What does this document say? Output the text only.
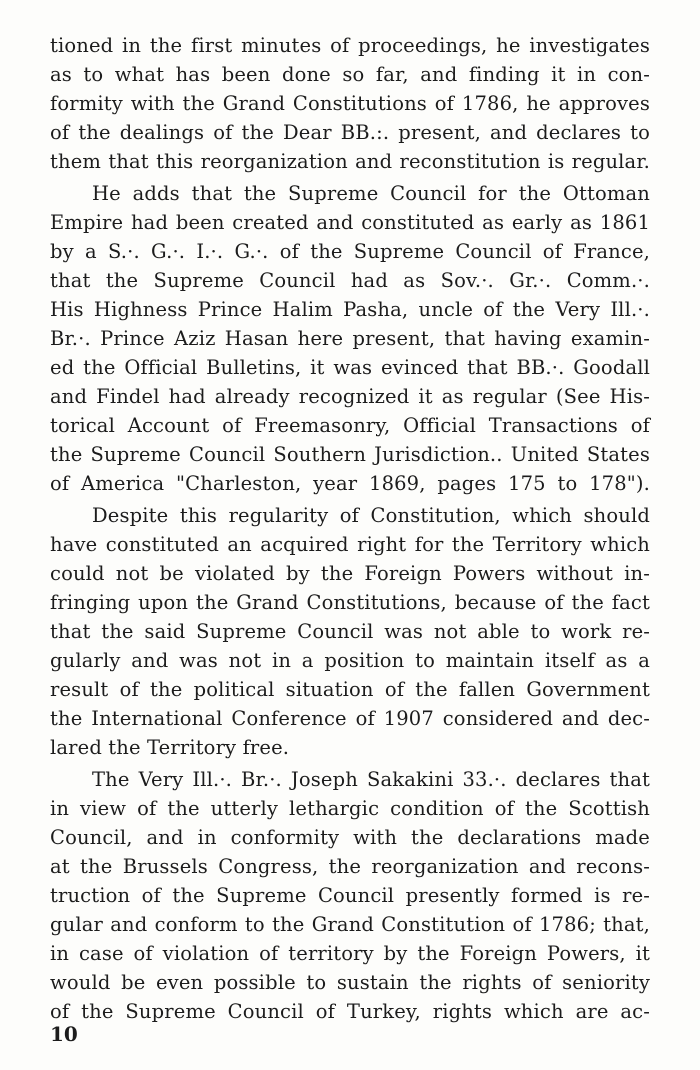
tioned in the first minutes of proceedings, he investigates
as to what has been done so far, and finding it in con-
formity with the Grand Constitutions of 1786, he approves
of the dealings of the Dear BB.:. present, and declares to
them that this reorganization and reconstitution is regular.
He adds that the Supreme Council for the Ottoman
Empire had been created and constituted as early as 1861
by a S.·. G.·. I.·. G.·. of the Supreme Council of France,
that the Supreme Council had as Sov.·. Gr.·. Comm.·.
His Highness Prince Halim Pasha, uncle of the Very Ill.·.
Br.·. Prince Aziz Hasan here present, that having examin-
ed the Official Bulletins, it was evinced that BB.·. Goodall
and Findel had already recognized it as regular (See His-
torical Account of Freemasonry, Official Transactions of
the Supreme Council Southern Jurisdiction.. United States
of America "Charleston, year 1869, pages 175 to 178").
Despite this regularity of Constitution, which should
have constituted an acquired right for the Territory which
could not be violated by the Foreign Powers without in-
fringing upon the Grand Constitutions, because of the fact
that the said Supreme Council was not able to work re-
gularly and was not in a position to maintain itself as a
result of the political situation of the fallen Government
the International Conference of 1907 considered and dec-
lared the Territory free.
The Very Ill.·. Br.·. Joseph Sakakini 33.·. declares that
in view of the utterly lethargic condition of the Scottish
Council, and in conformity with the declarations made
at the Brussels Congress, the reorganization and recons-
truction of the Supreme Council presently formed is re-
gular and conform to the Grand Constitution of 1786; that,
in case of violation of territory by the Foreign Powers, it
would be even possible to sustain the rights of seniority
of the Supreme Council of Turkey, rights which are ac-
10
